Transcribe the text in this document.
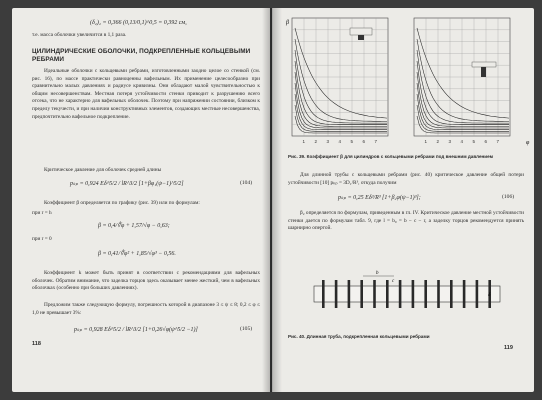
(δ₂)₂ = 0,366 (0,13/0,1)^0,5 = 0,392 см,
т.е. масса оболочки увеличится в 1,1 раза.
ЦИЛИНДРИЧЕСКИЕ ОБОЛОЧКИ, ПОДКРЕПЛЕННЫЕ КОЛЬЦЕВЫМИ РЕБРАМИ
Идеальные оболочки с кольцевыми ребрами, изготовленными заодно целое со стенкой (см. рис. 16), по массе практически равноценны вафельным. Их применение целесообразно при сравнительно малых давлениях и радиусе кривизны. Они обладают малой чувствительностью к общим несовершенствам. Местная потеря устойчивости стенки приводит к разрушению всего отсека, что не характерно для вафельных оболочек. Поэтому при напряжении состоянии, близком к пределу текучести, и при наличии конструктивных элементов, создающих местные несовершенства, предпочтительно вафельное подкрепление.
Критическое давление для оболочек средней длины
pₖₚ = 0,924 Eδ^5/2 / lR^3/2 [1+βφ₁(ψ−1)^5/2]	(104)
Коэффициент β определяется по графику (рис. 39) или по формулам:
при r = h
β = 0,4/∜φ + 1,57/√φ − 0,63;
при r = 0
β = 0,41/∜φ² + 1,85/√φ³ − 0,56.
Коэффициент k может быть принят в соответствии с рекомендациями для вафельных оболочек. Обратим внимание, что заделка торцов здесь оказывает менее жесткий, чем в вафельных оболочках (особенно при больших давлениях).
Предложим также следующую формулу, погрешность которой в диапазоне 3 ≤ ψ ≤ 8; 0,2 ≤ φ ≤ 1,0 не превышает 3%:
pₖₚ = 0,928 Eδ^5/2 / lR^3/2 [1+0,26√φ(ψ^5/2 −1)]	(105)
118
1 2 3 4 5 6 7	1 2 3 4 5 6 7
β
φ
Рис. 39. Коэффициент β для цилиндров с кольцевыми ребрами под внешним давлением
Для длинной трубы с кольцевыми ребрами (рис. 40) критическое давление общей потери устойчивости [10] pₖₚ = 3D₁/R³, откуда получим
pₖₚ = 0,25 Eδ³/R³ [1+β₂φ(ψ−1)³];	(106)
β₂ определяется по формулам, приведенным в гл. IV. Критическое давление местной устойчивости стенки дается по формулам табл. 9, где l = b₀ = b − c − r, а заделку торцов рекомендуется принять шарнирно опертой.
b
c
δ
Рис. 40. Длинная труба, подкрепленная кольцевыми ребрами
119
